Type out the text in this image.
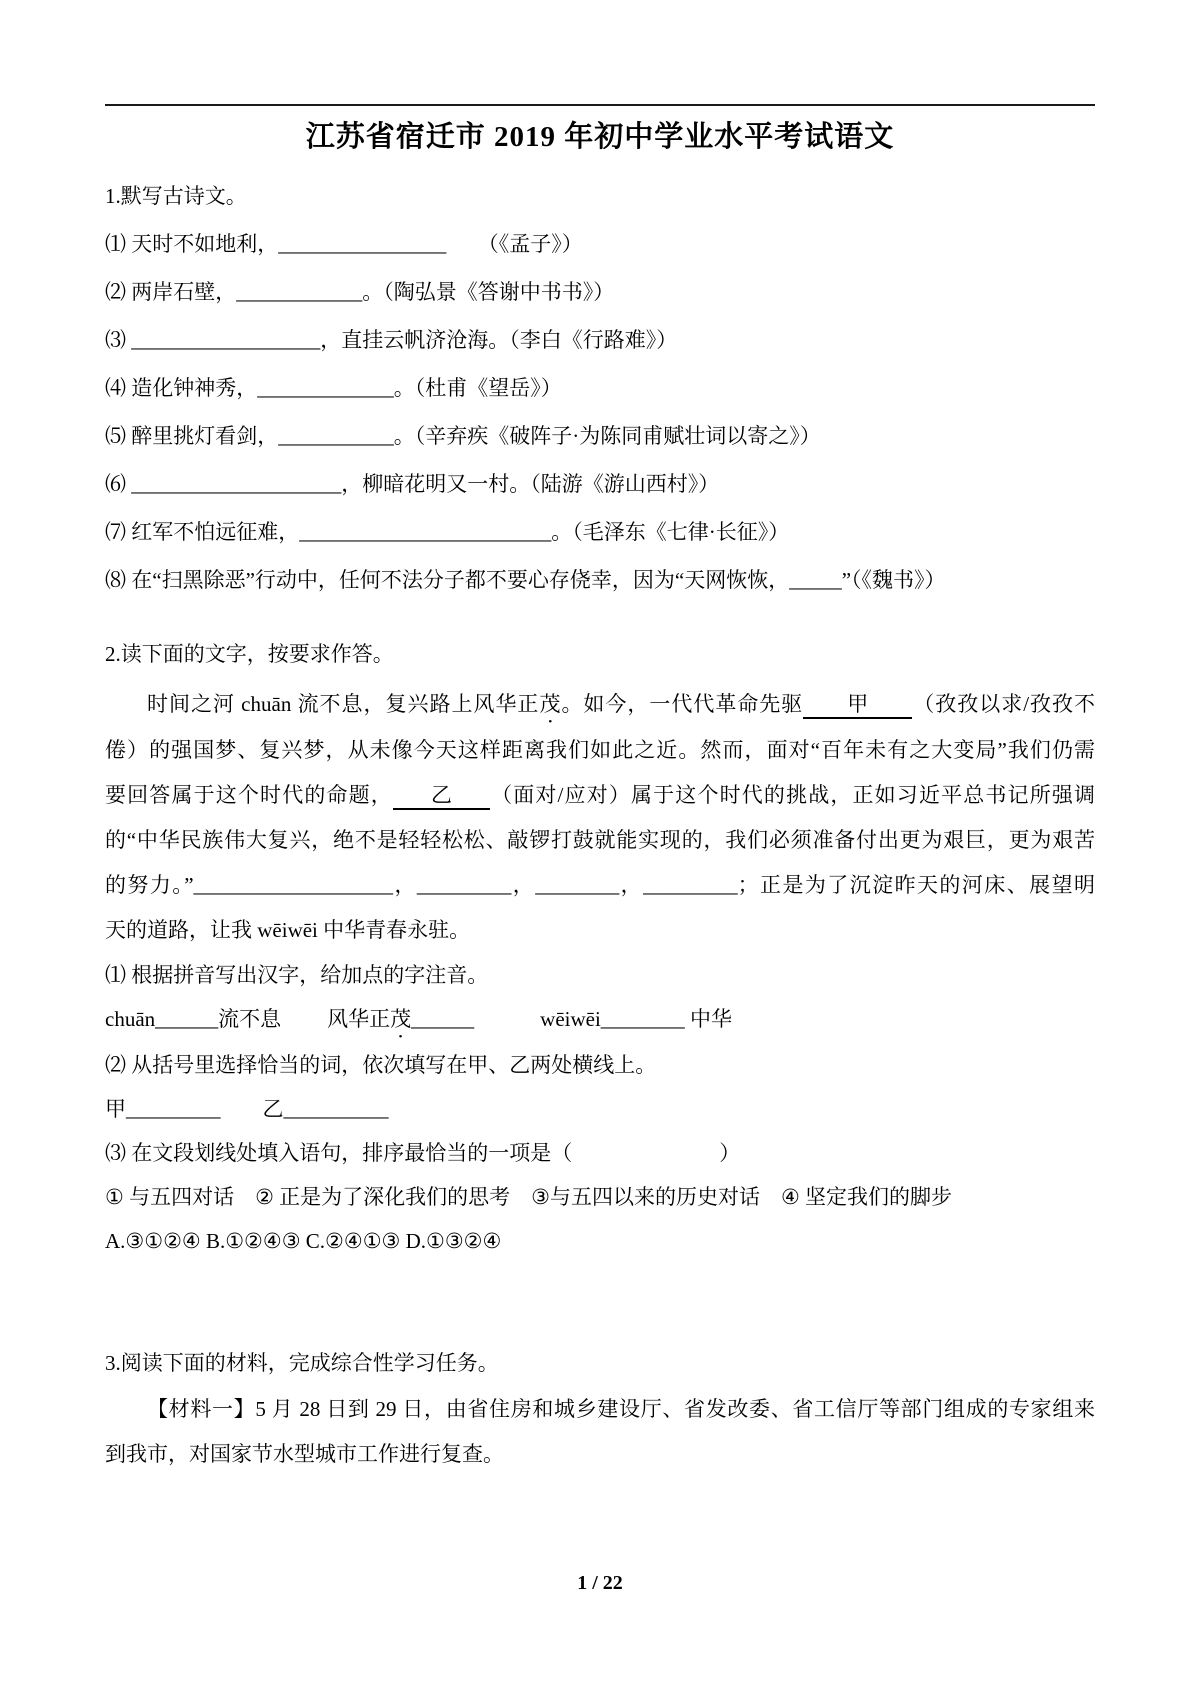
江苏省宿迁市 2019 年初中学业水平考试语文
1.默写古诗文。
⑴ 天时不如地利，________________　　（《孟子》）
⑵ 两岸石壁，____________。（陶弘景《答谢中书书》）
⑶ __________________，直挂云帆济沧海。（李白《行路难》）
⑷ 造化钟神秀，_____________。（杜甫《望岳》）
⑸ 醉里挑灯看剑，___________。（辛弃疾《破阵子·为陈同甫赋壮词以寄之》）
⑹ ____________________，柳暗花明又一村。（陆游《游山西村》）
⑺ 红军不怕远征难，________________________。（毛泽东《七律·长征》）
⑻ 在“扫黑除恶”行动中，任何不法分子都不要心存侥幸，因为“天网恢恢，_____”（《魏书》）
2.读下面的文字，按要求作答。
时间之河 chuān 流不息，复兴路上风华正茂。如今，一代代革命先驱 甲 （孜孜以求/孜孜不
倦）的强国梦、复兴梦，从未像今天这样距离我们如此之近。然而，面对“百年未有之大变局”我们仍需
要回答属于这个时代的命题， 乙 （面对/应对）属于这个时代的挑战，正如习近平总书记所强调
的“中华民族伟大复兴，绝不是轻轻松松、敲锣打鼓就能实现的，我们必须准备付出更为艰巨，更为艰苦
的努力。”___________________，_________，________，_________；正是为了沉淀昨天的河床、展望明
天的道路，让我 wēiwēi 中华青春永驻。
⑴ 根据拼音写出汉字，给加点的字注音。
chuān______流不息 风华正茂______	wēiwēi________ 中华
⑵ 从括号里选择恰当的词，依次填写在甲、乙两处横线上。
甲_________　　乙__________
⑶ 在文段划线处填入语句，排序最恰当的一项是（　　　　　　　）
① 与五四对话　② 正是为了深化我们的思考　③与五四以来的历史对话　④ 坚定我们的脚步
A.③①②④ B.①②④③ C.②④①③ D.①③②④
3.阅读下面的材料，完成综合性学习任务。
【材料一】5 月 28 日到 29 日，由省住房和城乡建设厅、省发改委、省工信厅等部门组成的专家组来
到我市，对国家节水型城市工作进行复查。
1 / 22
